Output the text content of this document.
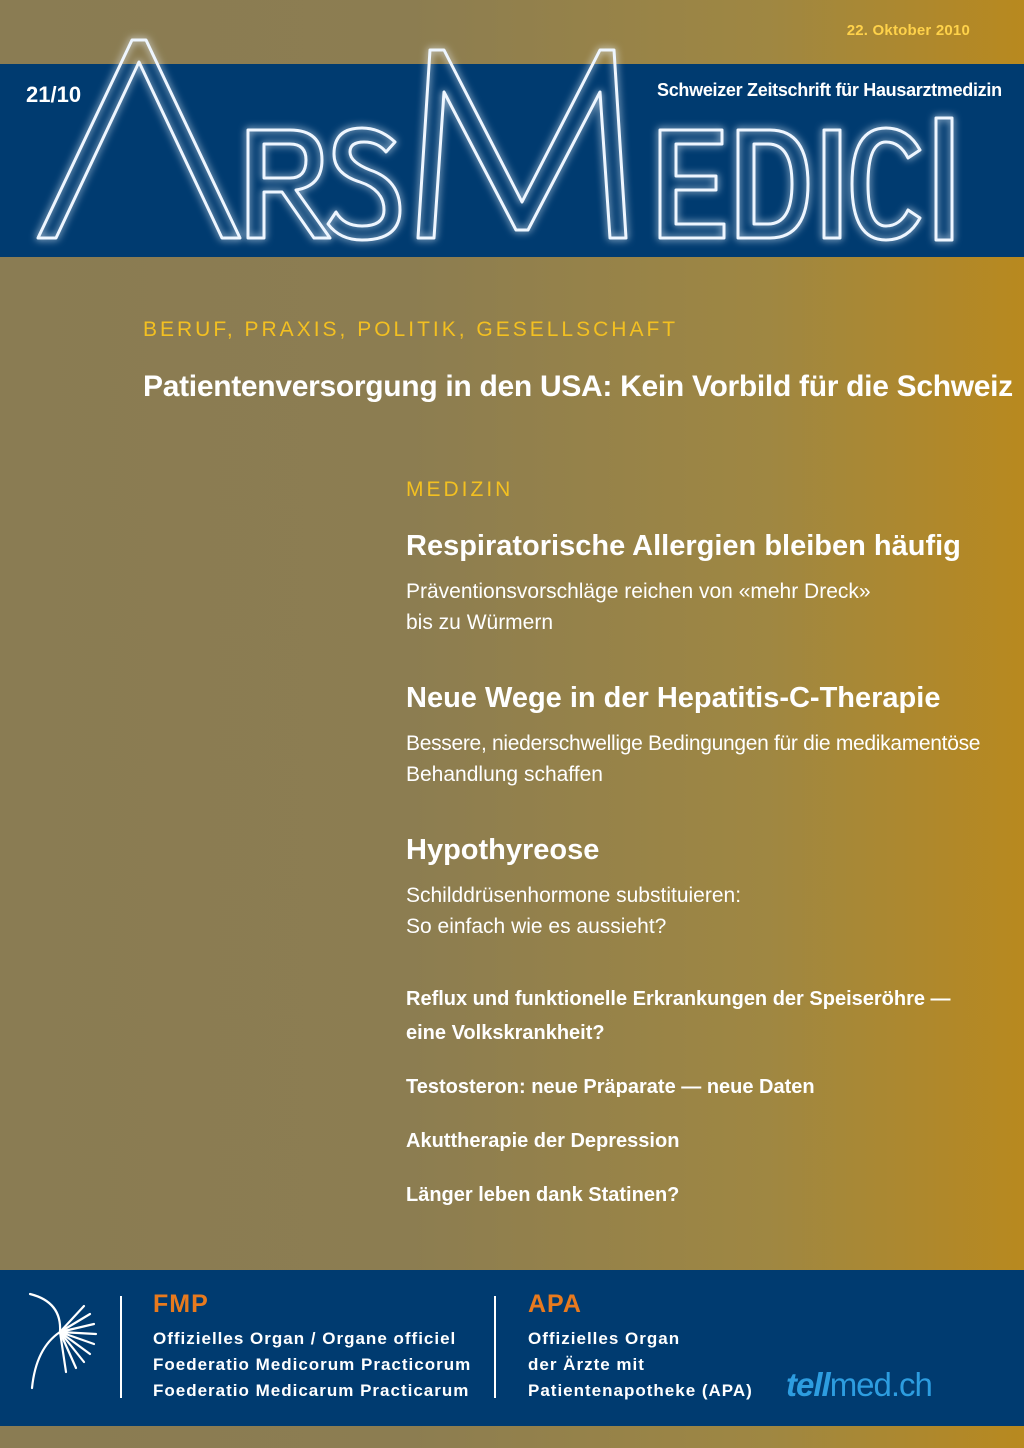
22. Oktober 2010
21/10	Schweizer Zeitschrift für Hausarztmedizin
BERUF, PRAXIS, POLITIK, GESELLSCHAFT
Patientenversorgung in den USA: Kein Vorbild für die Schweiz
MEDIZIN
Respiratorische Allergien bleiben häufig
Präventionsvorschläge reichen von «mehr Dreck»
bis zu Würmern
Neue Wege in der Hepatitis-C-Therapie
Bessere, niederschwellige Bedingungen für die medikamentöse
Behandlung schaffen
Hypothyreose
Schilddrüsenhormone substituieren:
So einfach wie es aussieht?
Reflux und funktionelle Erkrankungen der Speiseröhre —
eine Volkskrankheit?
Testosteron: neue Präparate — neue Daten
Akuttherapie der Depression
Länger leben dank Statinen?
FMP
Offizielles Organ / Organe officiel
Foederatio Medicorum Practicorum
Foederatio Medicarum Practicarum
APA
Offizielles Organ
der Ärzte mit
Patientenapotheke (APA) tellmed.ch
